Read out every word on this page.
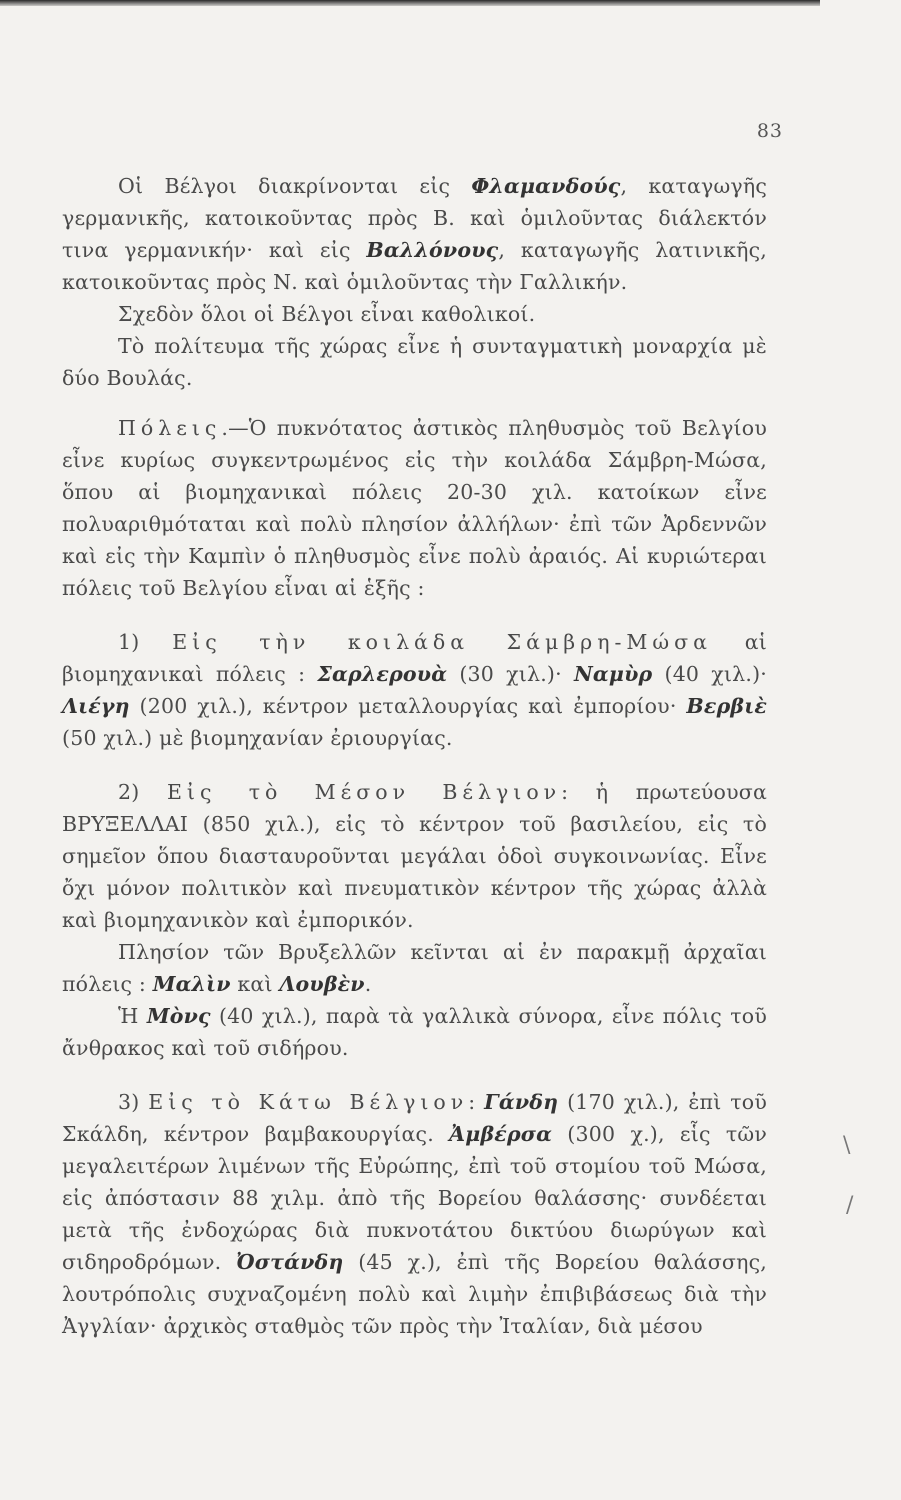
83

Οἱ Βέλγοι διακρίνονται εἰς Φλαμανδούς, καταγωγῆς γερμανικῆς, κατοικοῦντας πρὸς Β. καὶ ὁμιλοῦντας διάλεκτόν τινα γερμανικήν· καὶ εἰς Βαλλόνους, καταγωγῆς λατινικῆς, κατοικοῦντας πρὸς Ν. καὶ ὁμιλοῦντας τὴν Γαλλικήν.

Σχεδὸν ὅλοι οἱ Βέλγοι εἶναι καθολικοί.

Τὸ πολίτευμα τῆς χώρας εἶνε ἡ συνταγματικὴ μοναρχία μὲ δύο Βουλάς.

Πόλεις.—Ὁ πυκνότατος ἀστικὸς πληθυσμὸς τοῦ Βελγίου εἶνε κυρίως συγκεντρωμένος εἰς τὴν κοιλάδα Σάμβρη-Μώσα, ὅπου αἱ βιομηχανικαὶ πόλεις 20-30 χιλ. κατοίκων εἶνε πολυαριθμόταται καὶ πολὺ πλησίον ἀλλήλων· ἐπὶ τῶν Ἀρδεννῶν καὶ εἰς τὴν Καμπὶν ὁ πληθυσμὸς εἶνε πολὺ ἀραιός. Αἱ κυριώτεραι πόλεις τοῦ Βελγίου εἶναι αἱ ἑξῆς :

1) Εἰς τὴν κοιλάδα Σάμβρη-Μώσα αἱ βιομηχανικαὶ πόλεις : Σαρλερουὰ (30 χιλ.)· Ναμὺρ (40 χιλ.)· Λιέγη (200 χιλ.), κέντρον μεταλλουργίας καὶ ἐμπορίου· Βερβιὲ (50 χιλ.) μὲ βιομηχανίαν ἐριουργίας.

2) Εἰς τὸ Μέσον Βέλγιον: ἡ πρωτεύουσα ΒΡΥΞΕΛΛΑΙ (850 χιλ.), εἰς τὸ κέντρον τοῦ βασιλείου, εἰς τὸ σημεῖον ὅπου διασταυροῦνται μεγάλαι ὁδοὶ συγκοινωνίας. Εἶνε ὄχι μόνον πολιτικὸν καὶ πνευματικὸν κέντρον τῆς χώρας ἀλλὰ καὶ βιομηχανικὸν καὶ ἐμπορικόν.

Πλησίον τῶν Βρυξελλῶν κεῖνται αἱ ἐν παρακμῇ ἀρχαῖαι πόλεις : Μαλὶν καὶ Λουβὲν.

Ἡ Μὸνς (40 χιλ.), παρὰ τὰ γαλλικὰ σύνορα, εἶνε πόλις τοῦ ἄνθρακος καὶ τοῦ σιδήρου.

3) Εἰς τὸ Κάτω Βέλγιον: Γάνδη (170 χιλ.), ἐπὶ τοῦ Σκάλδη, κέντρον βαμβακουργίας. Ἀμβέρσα (300 χ.), εἷς τῶν μεγαλειτέρων λιμένων τῆς Εὐρώπης, ἐπὶ τοῦ στομίου τοῦ Μώσα, εἰς ἀπόστασιν 88 χιλμ. ἀπὸ τῆς Βορείου θαλάσσης· συνδέεται μετὰ τῆς ἐνδοχώρας διὰ πυκνοτάτου δικτύου διωρύγων καὶ σιδηροδρόμων. Ὀστάνδη (45 χ.), ἐπὶ τῆς Βορείου θαλάσσης, λουτρόπολις συχναζομένη πολὺ καὶ λιμὴν ἐπιβιβάσεως διὰ τὴν Ἀγγλίαν· ἀρχικὸς σταθμὸς τῶν πρὸς τὴν Ἰταλίαν, διὰ μέσου

\
/
